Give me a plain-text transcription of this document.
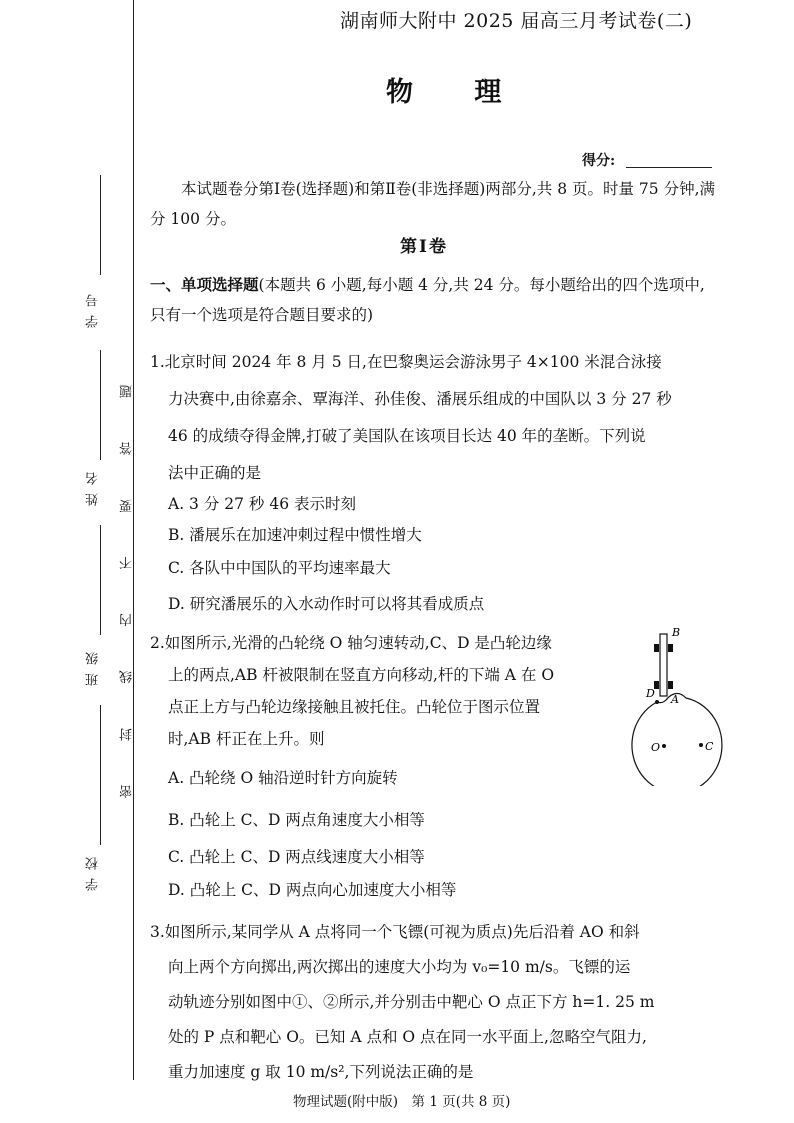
学 号
姓 名
班 级
学 校
密 封 线 内 不 要 答 题
湖南师大附中 2025 届高三月考试卷(二)
物 理
得分:

本试题卷分第Ⅰ卷(选择题)和第Ⅱ卷(非选择题)两部分,共 8 页。时量 75 分钟,满分 100 分。

第Ⅰ卷

一、单项选择题(本题共 6 小题,每小题 4 分,共 24 分。每小题给出的四个选项中,只有一个选项是符合题目要求的)

1.北京时间 2024 年 8 月 5 日,在巴黎奥运会游泳男子 4×100 米混合泳接
力决赛中,由徐嘉余、覃海洋、孙佳俊、潘展乐组成的中国队以 3 分 27 秒
46 的成绩夺得金牌,打破了美国队在该项目长达 40 年的垄断。下列说
法中正确的是
A. 3 分 27 秒 46 表示时刻
B. 潘展乐在加速冲刺过程中惯性增大
C. 各队中中国队的平均速率最大
D. 研究潘展乐的入水动作时可以将其看成质点
2.如图所示,光滑的凸轮绕 O 轴匀速转动,C、D 是凸轮边缘
上的两点,AB 杆被限制在竖直方向移动,杆的下端 A 在 O
点正上方与凸轮边缘接触且被托住。凸轮位于图示位置
时,AB 杆正在上升。则
A. 凸轮绕 O 轴沿逆时针方向旋转
B. 凸轮上 C、D 两点角速度大小相等
C. 凸轮上 C、D 两点线速度大小相等
D. 凸轮上 C、D 两点向心加速度大小相等
B
D A
O	C
3.如图所示,某同学从 A 点将同一个飞镖(可视为质点)先后沿着 AO 和斜
向上两个方向掷出,两次掷出的速度大小均为 v₀=10 m/s。飞镖的运
动轨迹分别如图中①、②所示,并分别击中靶心 O 点正下方 h=1. 25 m
处的 P 点和靶心 O。已知 A 点和 O 点在同一水平面上,忽略空气阻力,
重力加速度 g 取 10 m/s²,下列说法正确的是
物理试题(附中版)　第 1 页(共 8 页)
